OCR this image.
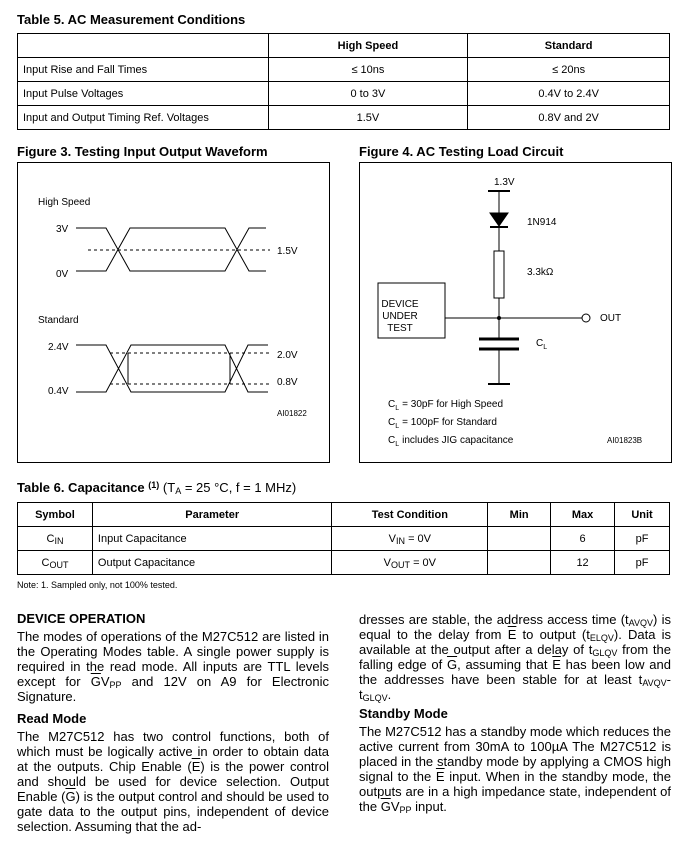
Table 5. AC Measurement Conditions
	High Speed	Standard
Input Rise and Fall Times	≤ 10ns	≤ 20ns
Input Pulse Voltages	0 to 3V	0.4V to 2.4V
Input and Output Timing Ref. Voltages	1.5V	0.8V and 2V
Figure 3. Testing Input Output Waveform
High Speed
3V
0V
1.5V
Standard
2.4V
0.4V
2.0V
0.8V
AI01822
Figure 4. AC Testing Load Circuit
1.3V
1N914
3.3kΩ
OUT
$C_L$
DEVICE
UNDER
TEST
$C_L = 30pF$ for High Speed
$C_L = 100pF$ for Standard
$C_L$ includes JIG capacitance	AI01823B
Table 6. Capacitance $^{(1)}$ ($T_A = 25$ °C, f = 1 MHz)
Symbol	Parameter	Test Condition	Min	Max	Unit
$C_{IN}$	Input Capacitance	$V_{IN} = 0V$		6	pF
$C_{OUT}$	Output Capacitance	$V_{OUT} = 0V$		12	pF
Note: 1. Sampled only, not 100% tested.
DEVICE OPERATION
The modes of operations of the M27C512 are listed in the Operating Modes table. A single power supply is required in the read mode. All inputs are TTL levels except for $\overline{G}V_{PP}$ and 12V on A9 for Electronic Signature.
Read Mode
The M27C512 has two control functions, both of which must be logically active in order to obtain data at the outputs. Chip Enable $(\overline{E})$ is the power control and should be used for device selection. Output Enable $(\overline{G})$ is the output control and should be used to gate data to the output pins, independent of device selection. Assuming that the ad-
dresses are stable, the address access time $(t_{AVQV})$ is equal to the delay from $\overline{E}$ to output $(t_{ELQV})$. Data is available at the output after a delay of $t_{GLQV}$ from the falling edge of $\overline{G}$, assuming that $\overline{E}$ has been low and the addresses have been stable for at least $t_{AVQV}-t_{GLQV}$.
Standby Mode
The M27C512 has a standby mode which reduces the active current from 30mA to 100µA The M27C512 is placed in the standby mode by applying a CMOS high signal to the $\overline{E}$ input. When in the standby mode, the outputs are in a high impedance state, independent of the $\overline{G}V_{PP}$ input.
